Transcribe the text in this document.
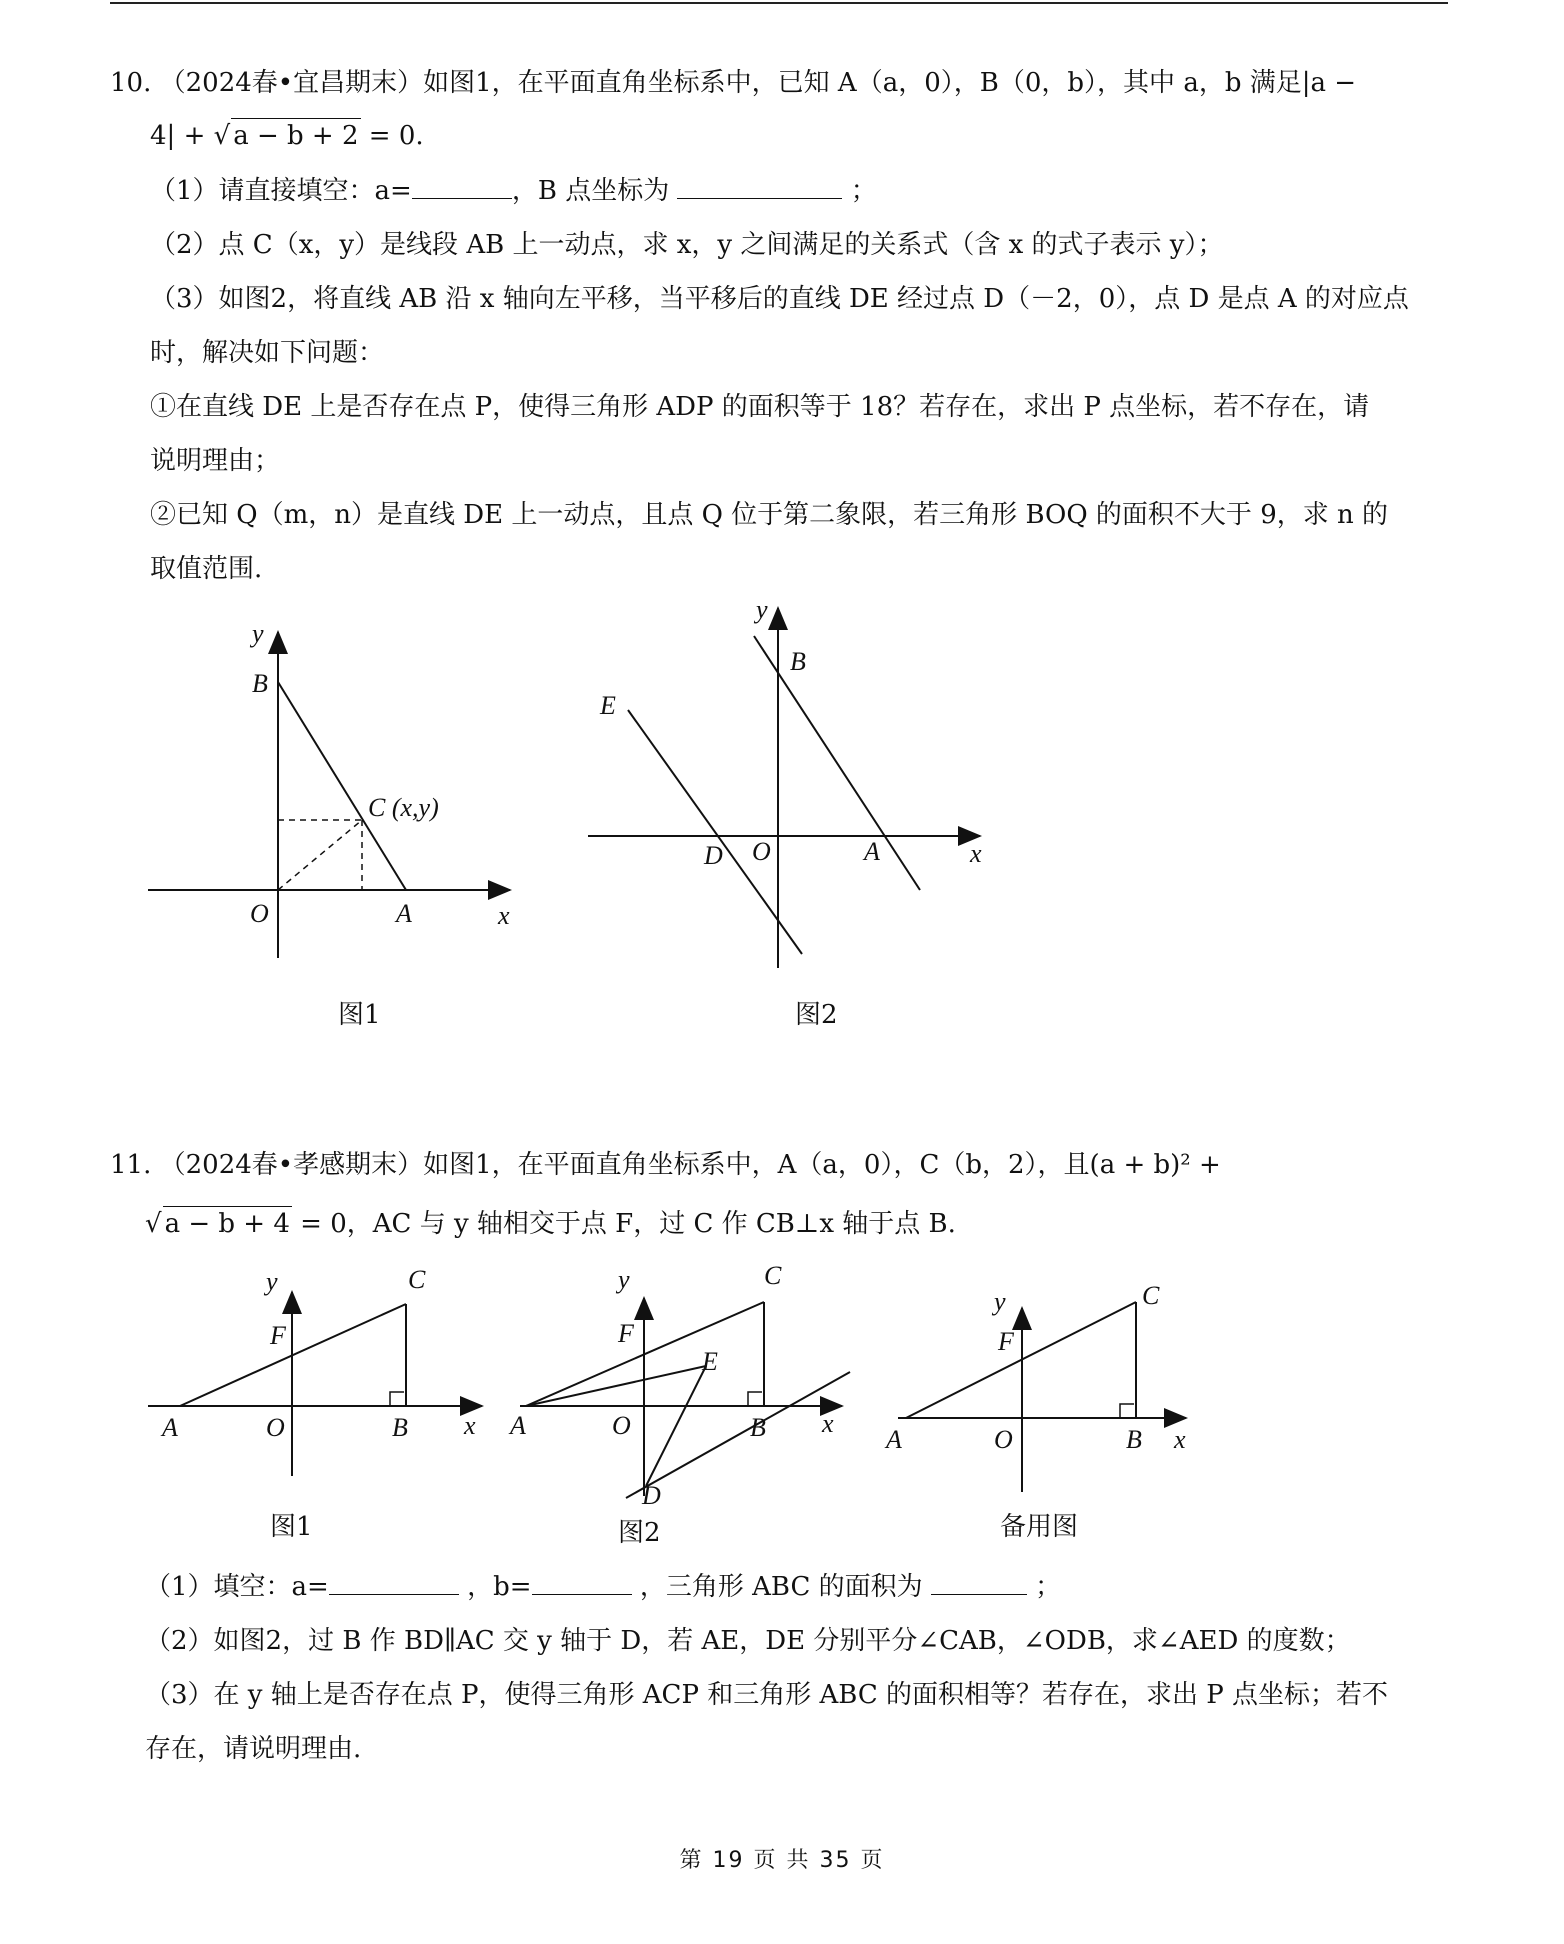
10. （2024春•宜昌期末）如图1，在平面直角坐标系中，已知 A（a，0），B（0，b），其中 a，b 满足|a −
4| + √ a − b + 2 = 0.
（1）请直接填空：a=	，B 点坐标为	；
（2）点 C（x，y）是线段 AB 上一动点，求 x，y 之间满足的关系式（含 x 的式子表示 y）；
（3）如图2，将直线 AB 沿 x 轴向左平移，当平移后的直线 DE 经过点 D（－2，0），点 D 是点 A 的对应点
时，解决如下问题：
①在直线 DE 上是否存在点 P，使得三角形 ADP 的面积等于 18？若存在，求出 P 点坐标，若不存在，请
说明理由；
②已知 Q（m，n）是直线 DE 上一动点，且点 Q 位于第二象限，若三角形 BOQ 的面积不大于 9，求 n 的
取值范围.
y
B
C (x,y)
O	A	x
图1
y
B
E
D O	A	x
图2
11. （2024春•孝感期末）如图1，在平面直角坐标系中，A（a，0），C（b，2），且(a + b)² +
√ a − b + 4 = 0，AC 与 y 轴相交于点 F，过 C 作 CB⊥x 轴于点 B.
y	C
F
A	O	B x
图1
y	C
F
E
A	O	B x
D
图2
y	C
F
A	O	B x
备用图
（1）填空：a=	，b=	，三角形 ABC 的面积为	；
（2）如图2，过 B 作 BD∥AC 交 y 轴于 D，若 AE，DE 分别平分∠CAB，∠ODB，求∠AED 的度数；
（3）在 y 轴上是否存在点 P，使得三角形 ACP 和三角形 ABC 的面积相等？若存在，求出 P 点坐标；若不
存在，请说明理由.
第 19 页 共 35 页
